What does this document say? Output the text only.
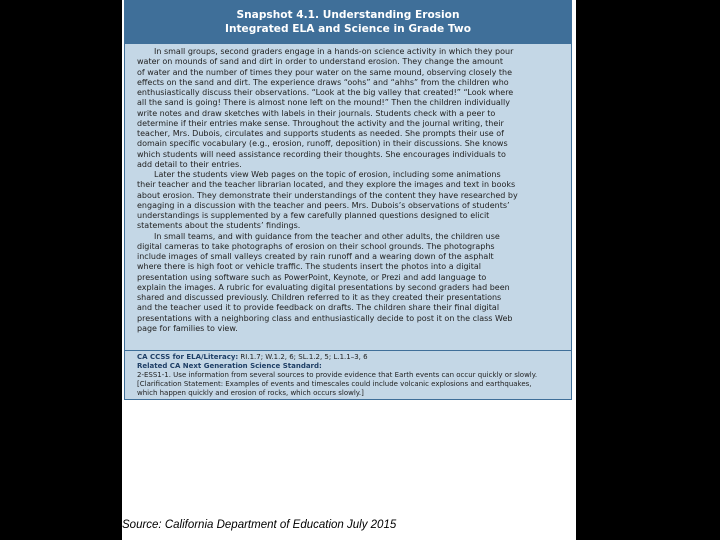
Snapshot 4.1. Understanding Erosion
Integrated ELA and Science in Grade Two

In small groups, second graders engage in a hands-on science activity in which they pour
water on mounds of sand and dirt in order to understand erosion. They change the amount
of water and the number of times they pour water on the same mound, observing closely the
effects on the sand and dirt. The experience draws “oohs” and “ahhs” from the children who
enthusiastically discuss their observations. “Look at the big valley that created!” “Look where
all the sand is going! There is almost none left on the mound!” Then the children individually
write notes and draw sketches with labels in their journals. Students check with a peer to
determine if their entries make sense. Throughout the activity and the journal writing, their
teacher, Mrs. Dubois, circulates and supports students as needed. She prompts their use of
domain specific vocabulary (e.g., erosion, runoff, deposition) in their discussions. She knows
which students will need assistance recording their thoughts. She encourages individuals to
add detail to their entries.

Later the students view Web pages on the topic of erosion, including some animations
their teacher and the teacher librarian located, and they explore the images and text in books
about erosion. They demonstrate their understandings of the content they have researched by
engaging in a discussion with the teacher and peers. Mrs. Dubois’s observations of students’
understandings is supplemented by a few carefully planned questions designed to elicit
statements about the students’ findings.

In small teams, and with guidance from the teacher and other adults, the children use
digital cameras to take photographs of erosion on their school grounds. The photographs
include images of small valleys created by rain runoff and a wearing down of the asphalt
where there is high foot or vehicle traffic. The students insert the photos into a digital
presentation using software such as PowerPoint, Keynote, or Prezi and add language to
explain the images. A rubric for evaluating digital presentations by second graders had been
shared and discussed previously. Children referred to it as they created their presentations
and the teacher used it to provide feedback on drafts. The children share their final digital
presentations with a neighboring class and enthusiastically decide to post it on the class Web
page for families to view.

CA CCSS for ELA/Literacy: RI.1.7; W.1.2, 6; SL.1.2, 5; L.1.1–3, 6
Related CA Next Generation Science Standard:
2-ESS1-1. Use information from several sources to provide evidence that Earth events can occur quickly or slowly.
[Clarification Statement: Examples of events and timescales could include volcanic explosions and earthquakes,
which happen quickly and erosion of rocks, which occurs slowly.]
Source: California Department of Education July 2015
